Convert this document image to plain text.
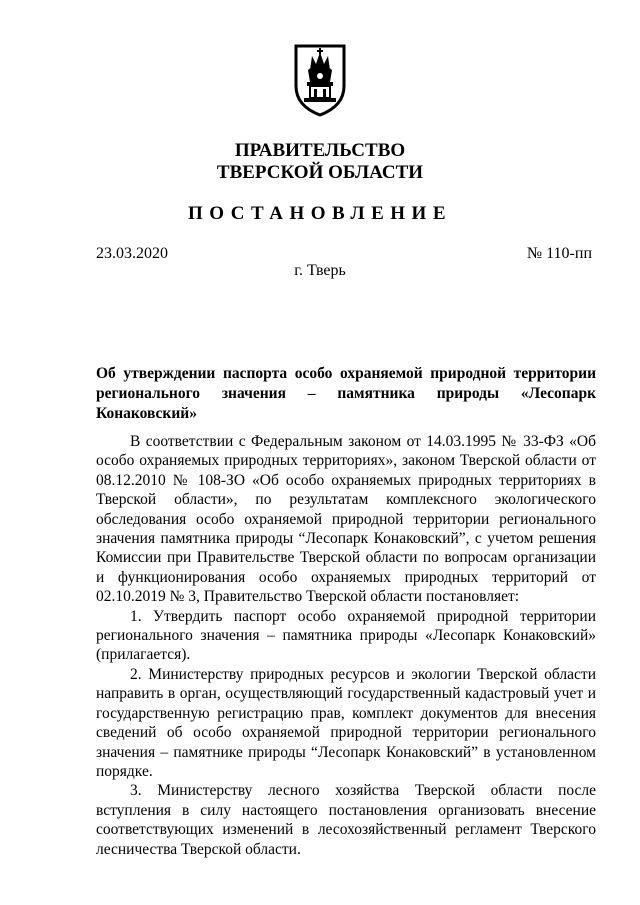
ПРАВИТЕЛЬСТВО
ТВЕРСКОЙ ОБЛАСТИ
ПОСТАНОВЛЕНИЕ
23.03.2020	№ 110-пп
г. Тверь
Об утверждении паспорта особо охраняемой природной территории
регионального значения – памятника природы «Лесопарк Конаковский»

В соответствии с Федеральным законом от 14.03.1995 № 33-ФЗ «Об особо охраняемых природных территориях», законом Тверской области от 08.12.2010 № 108-ЗО «Об особо охраняемых природных территориях в Тверской области», по результатам комплексного экологического обследования особо охраняемой природной территории регионального значения памятника природы “Лесопарк Конаковский”, с учетом решения Комиссии при Правительстве Тверской области по вопросам организации и функционирования особо охраняемых природных территорий от 02.10.2019 № 3, Правительство Тверской области постановляет:

1. Утвердить паспорт особо охраняемой природной территории регионального значения – памятника природы «Лесопарк Конаковский» (прилагается).

2. Министерству природных ресурсов и экологии Тверской области направить в орган, осуществляющий государственный кадастровый учет и государственную регистрацию прав, комплект документов для внесения сведений об особо охраняемой природной территории регионального значения – памятнике природы “Лесопарк Конаковский” в установленном порядке.

3. Министерству лесного хозяйства Тверской области после вступления в силу настоящего постановления организовать внесение соответствующих изменений в лесохозяйственный регламент Тверского лесничества Тверской области.
